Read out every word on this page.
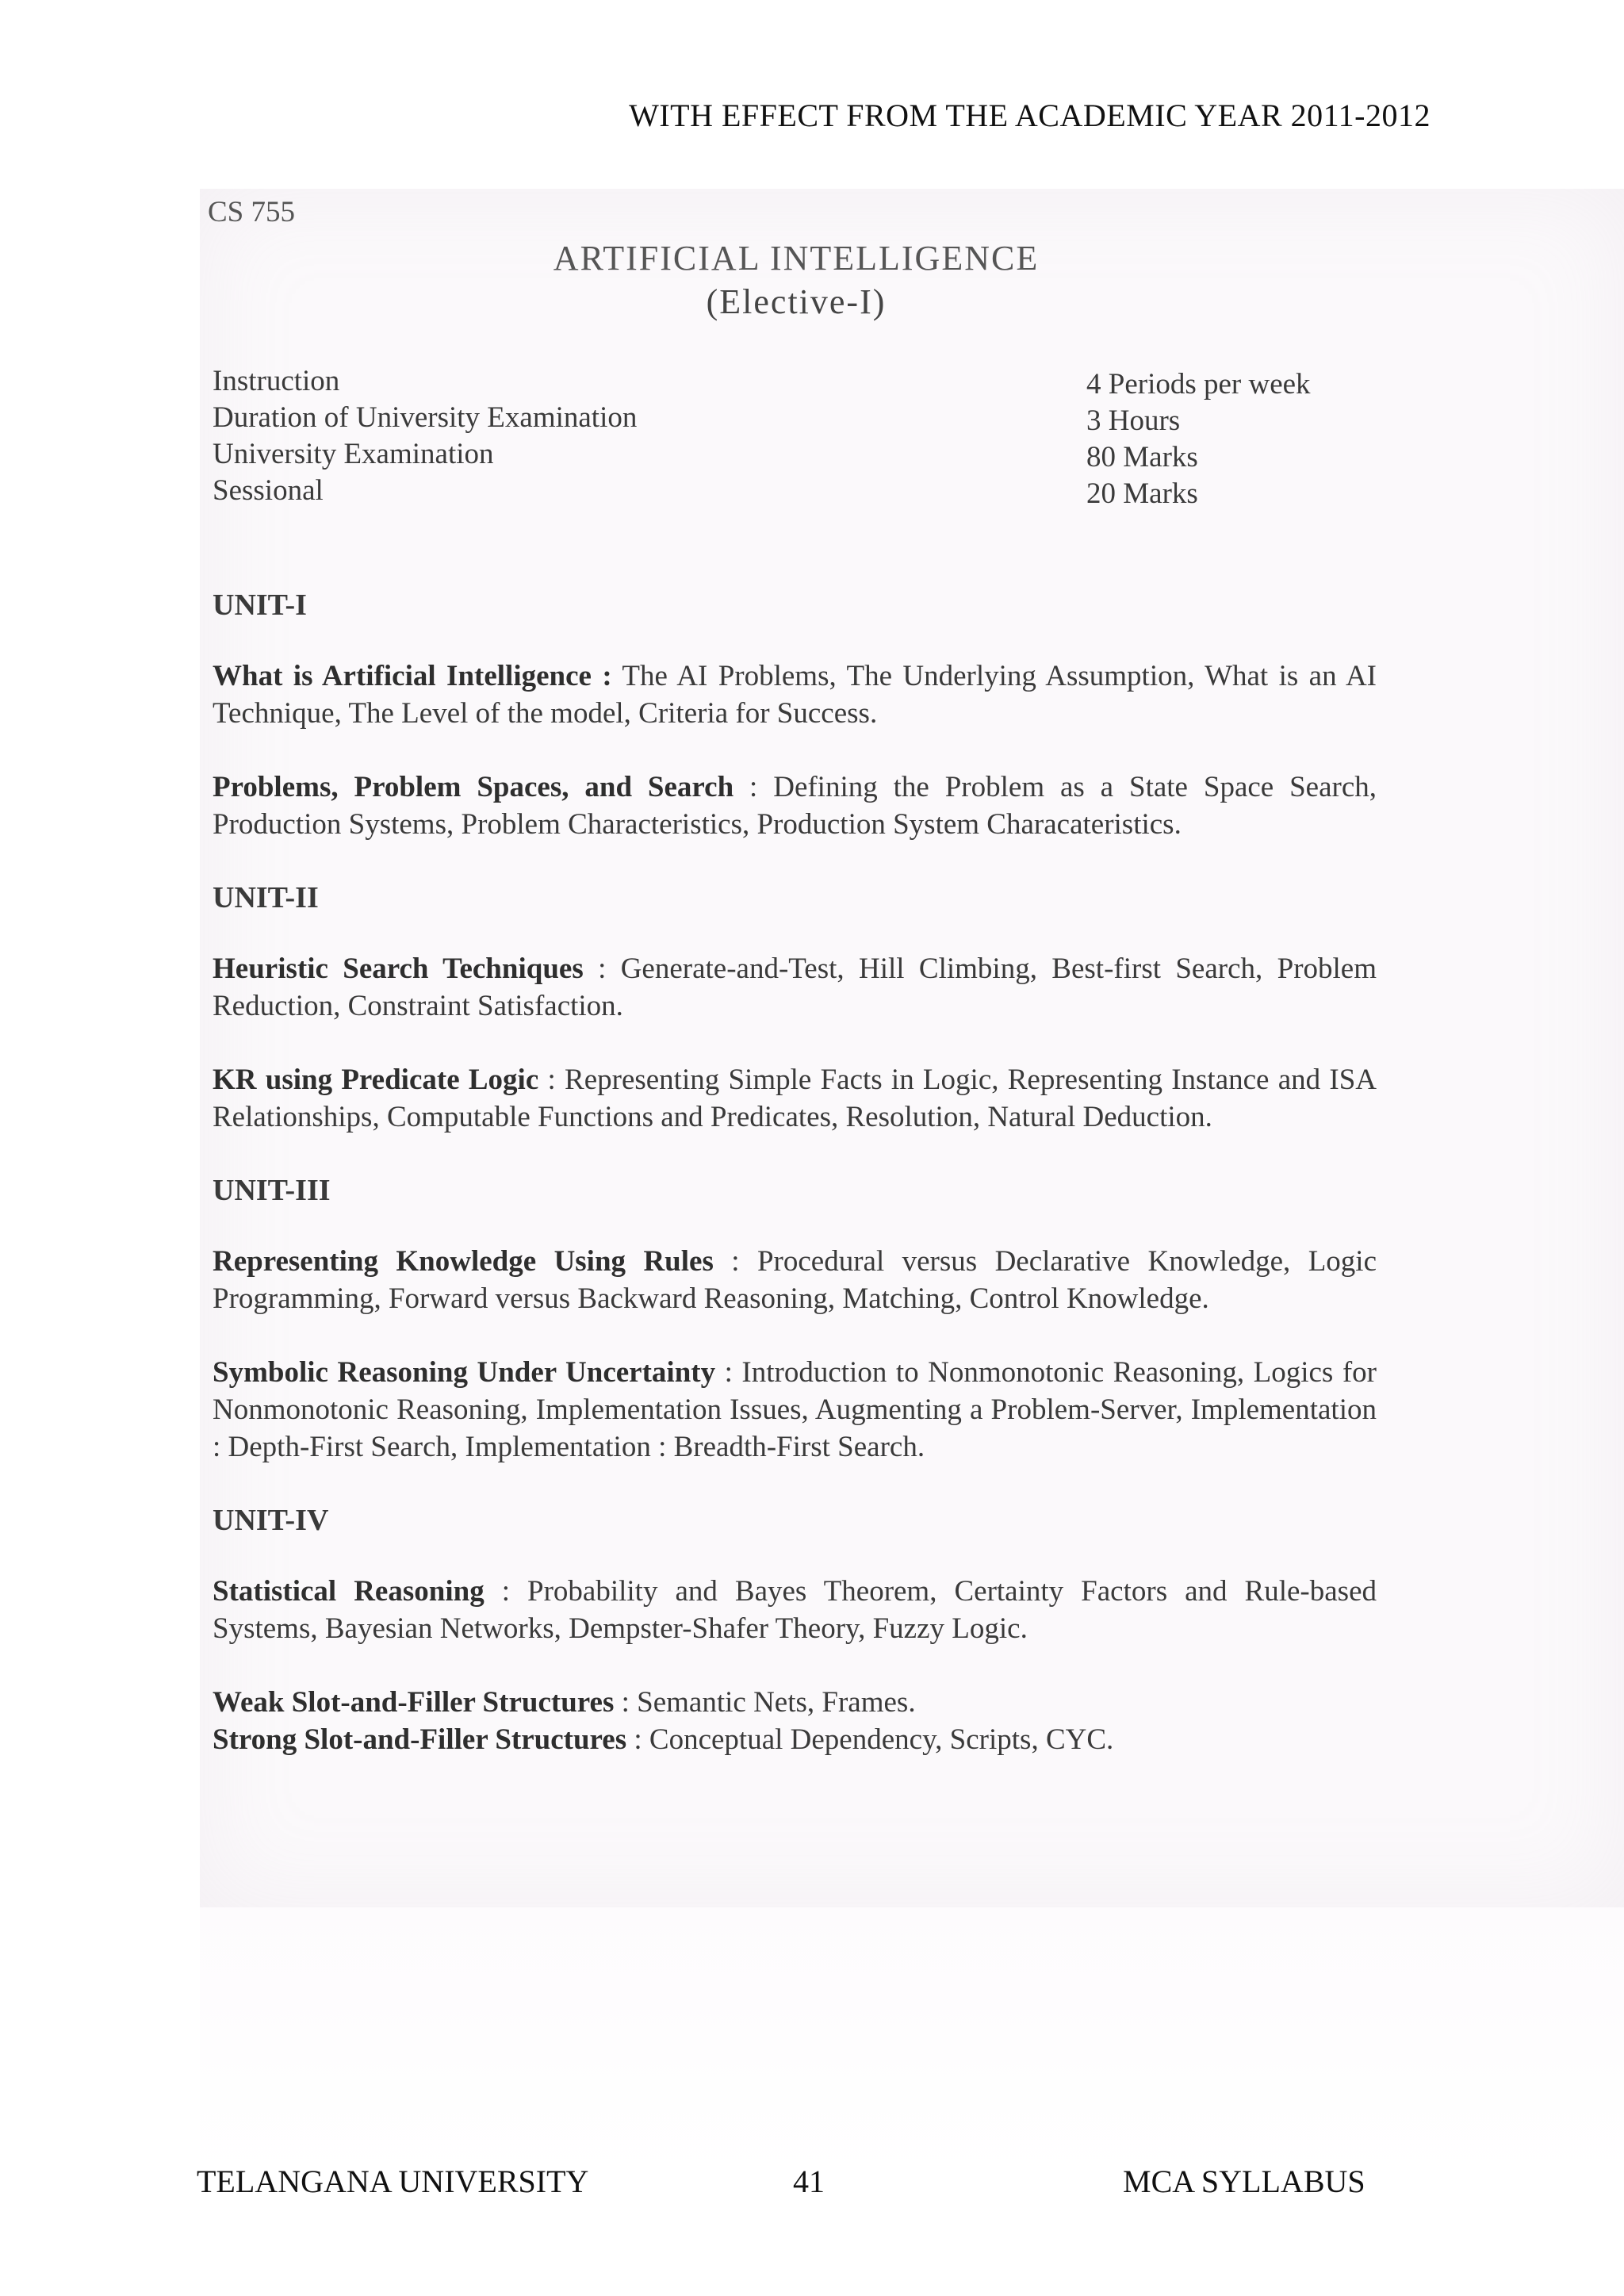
WITH EFFECT FROM THE ACADEMIC YEAR 2011-2012
CS 755
ARTIFICIAL INTELLIGENCE
(Elective-I)
Instruction
Duration of University Examination
University Examination
Sessional
4 Periods per week
3 Hours
80 Marks
20 Marks
UNIT-I

What is Artificial Intelligence : The AI Problems, The Underlying Assumption, What is an AI Technique, The Level of the model, Criteria for Success.

Problems, Problem Spaces, and Search : Defining the Problem as a State Space Search, Production Systems, Problem Characteristics, Production System Characateristics.

UNIT-II

Heuristic Search Techniques : Generate-and-Test, Hill Climbing, Best-first Search, Problem Reduction, Constraint Satisfaction.

KR using Predicate Logic : Representing Simple Facts in Logic, Representing Instance and ISA Relationships, Computable Functions and Predicates, Resolution, Natural Deduction.

UNIT-III

Representing Knowledge Using Rules : Procedural versus Declarative Knowledge, Logic Programming, Forward versus Backward Reasoning, Matching, Control Knowledge.

Symbolic Reasoning Under Uncertainty : Introduction to Nonmonotonic Reasoning, Logics for Nonmonotonic Reasoning, Implementation Issues, Augmenting a Problem-Server, Implementation : Depth-First Search, Implementation : Breadth-First Search.

UNIT-IV

Statistical Reasoning : Probability and Bayes Theorem, Certainty Factors and Rule-based Systems, Bayesian Networks, Dempster-Shafer Theory, Fuzzy Logic.

Weak Slot-and-Filler Structures : Semantic Nets, Frames.

Strong Slot-and-Filler Structures : Conceptual Dependency, Scripts, CYC.

TELANGANA UNIVERSITY	41	MCA SYLLABUS
